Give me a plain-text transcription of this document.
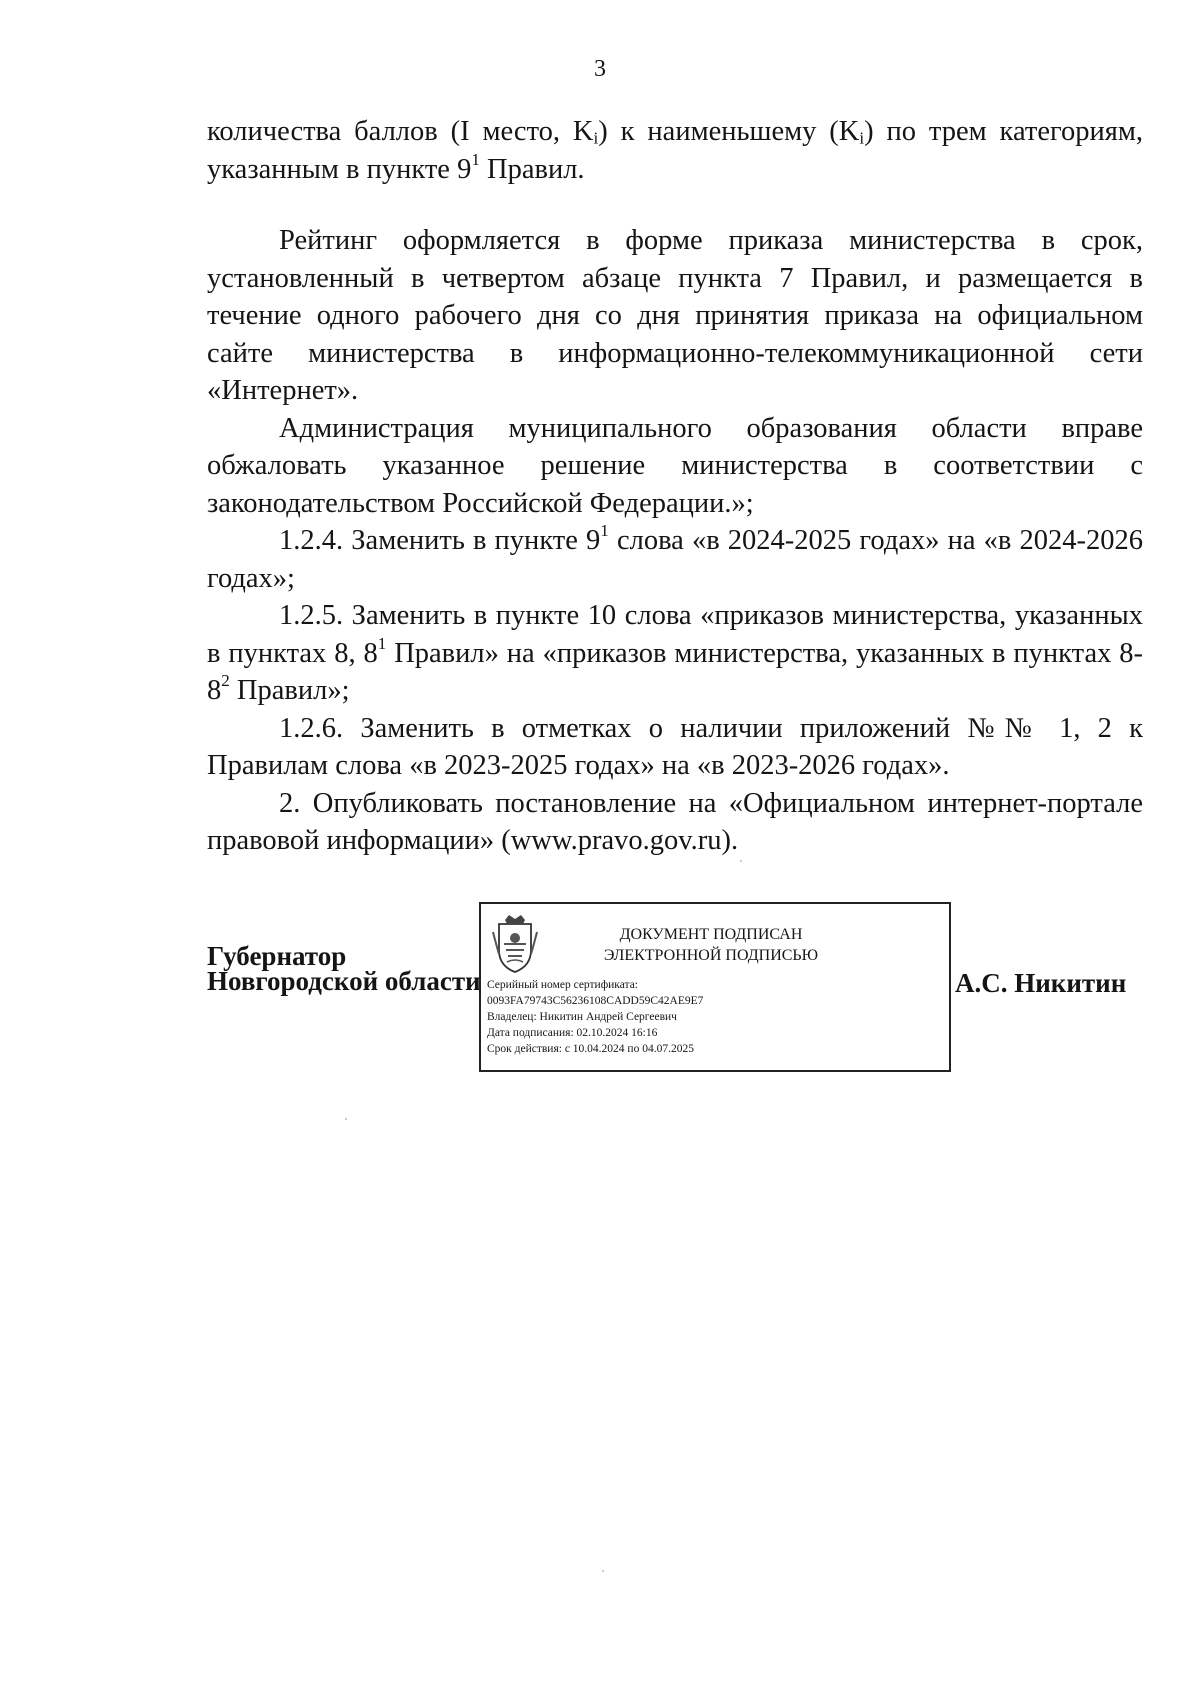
3

количества баллов (I место, $K_i$) к наименьшему $(K_i)$ по трем категориям, указанным в пункте $9^1$ Правил.

Рейтинг оформляется в форме приказа министерства в срок, установленный в четвертом абзаце пункта 7 Правил, и размещается в течение одного рабочего дня со дня принятия приказа на официальном сайте министерства в информационно-телекоммуникационной сети «Интернет».

Администрация муниципального образования области вправе обжаловать указанное решение министерства в соответствии с законодательством Российской Федерации.»;

1.2.4. Заменить в пункте $9^1$ слова «в 2024-2025 годах» на «в 2024-2026 годах»;

1.2.5. Заменить в пункте 10 слова «приказов министерства, указанных в пунктах 8, $8^1$ Правил» на «приказов министерства, указанных в пунктах $8-8^2$ Правил»;

1.2.6. Заменить в отметках о наличии приложений №№ 1, 2 к Правилам слова «в 2023-2025 годах» на «в 2023-2026 годах».

2. Опубликовать постановление на «Официальном интернет-портале правовой информации» (www.pravo.gov.ru).

Губернатор
Новгородской области
ДОКУМЕНТ ПОДПИСАН
ЭЛЕКТРОННОЙ ПОДПИСЬЮ
Серийный номер сертификата:
0093FA79743C56236108CADD59C42AE9E7
Владелец: Никитин Андрей Сергеевич
Дата подписания: 02.10.2024 16:16
Срок действия: с 10.04.2024 по 04.07.2025
А.С. Никитин
